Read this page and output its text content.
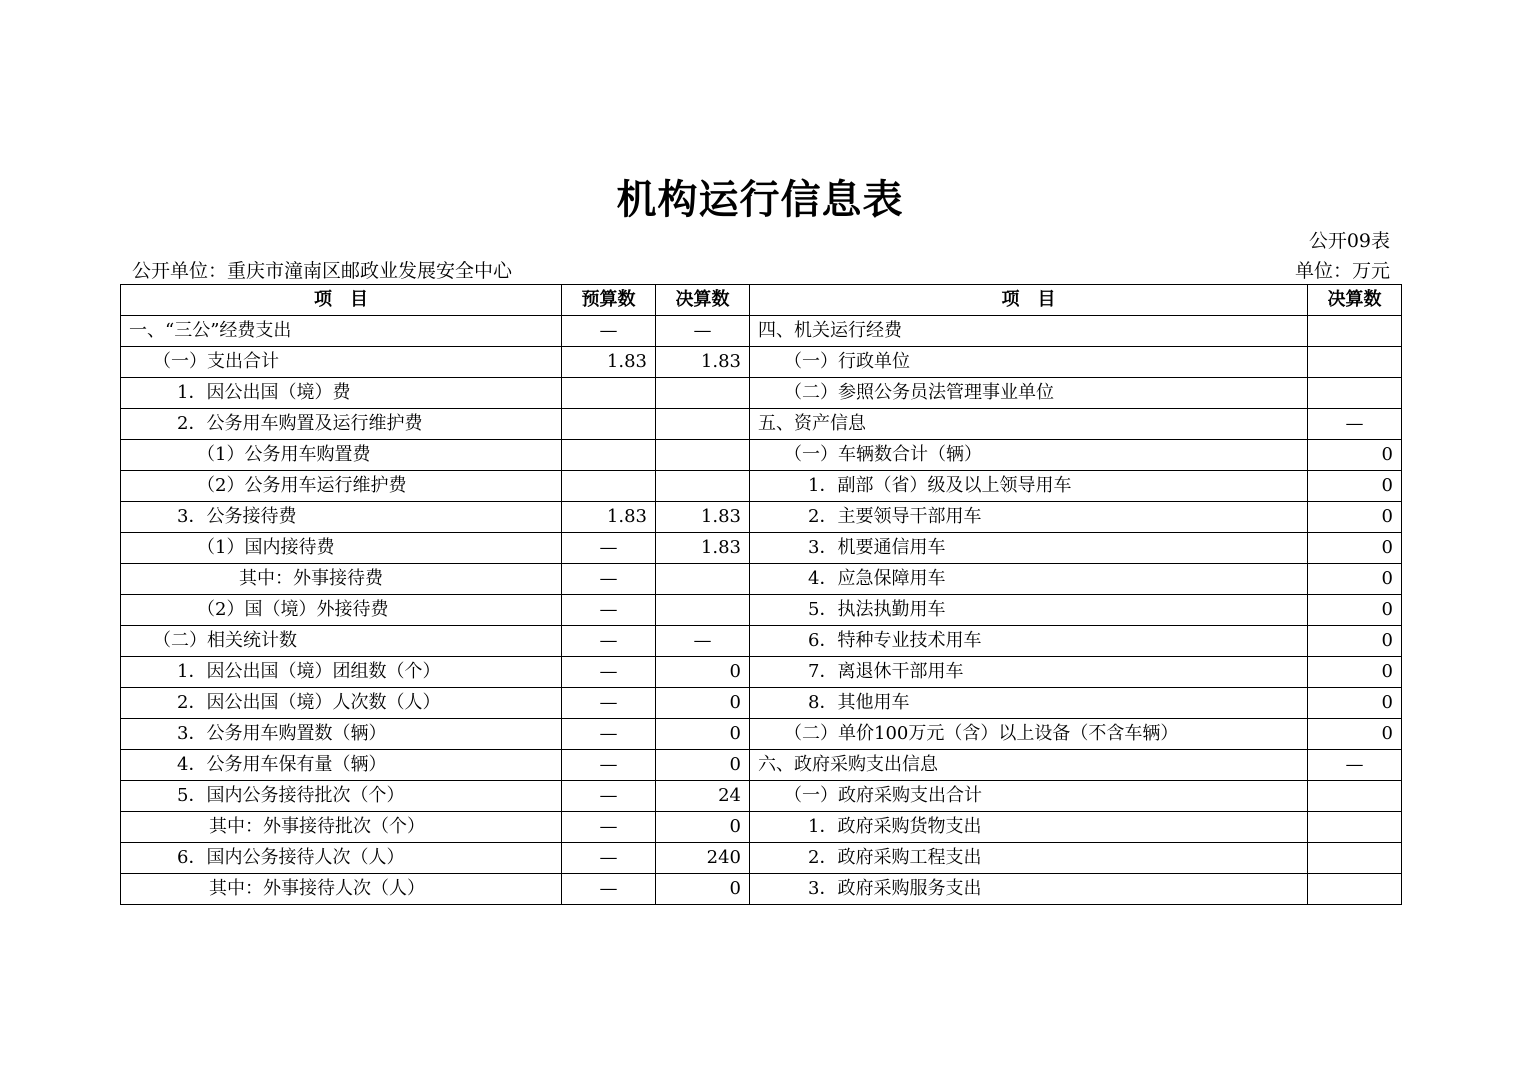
机构运行信息表
公开09表
公开单位：重庆市潼南区邮政业发展安全中心	单位：万元
项　目	预算数	决算数	项　目	决算数
一、“三公”经费支出	—	—	四、机关运行经费	
（一）支出合计	1.83	1.83	（一）行政单位	
1．因公出国（境）费			（二）参照公务员法管理事业单位	
2．公务用车购置及运行维护费			五、资产信息	—
（1）公务用车购置费			（一）车辆数合计（辆）	0
（2）公务用车运行维护费			1．副部（省）级及以上领导用车	0
3．公务接待费	1.83	1.83	2．主要领导干部用车	0
（1）国内接待费	—	1.83	3．机要通信用车	0
其中：外事接待费	—		4．应急保障用车	0
（2）国（境）外接待费	—		5．执法执勤用车	0
（二）相关统计数	—	—	6．特种专业技术用车	0
1．因公出国（境）团组数（个）	—	0	7．离退休干部用车	0
2．因公出国（境）人次数（人）	—	0	8．其他用车	0
3．公务用车购置数（辆）	—	0	（二）单价100万元（含）以上设备（不含车辆）	0
4．公务用车保有量（辆）	—	0	六、政府采购支出信息	—
5．国内公务接待批次（个）	—	24	（一）政府采购支出合计	
其中：外事接待批次（个）	—	0	1．政府采购货物支出	
6．国内公务接待人次（人）	—	240	2．政府采购工程支出	
其中：外事接待人次（人）	—	0	3．政府采购服务支出	
